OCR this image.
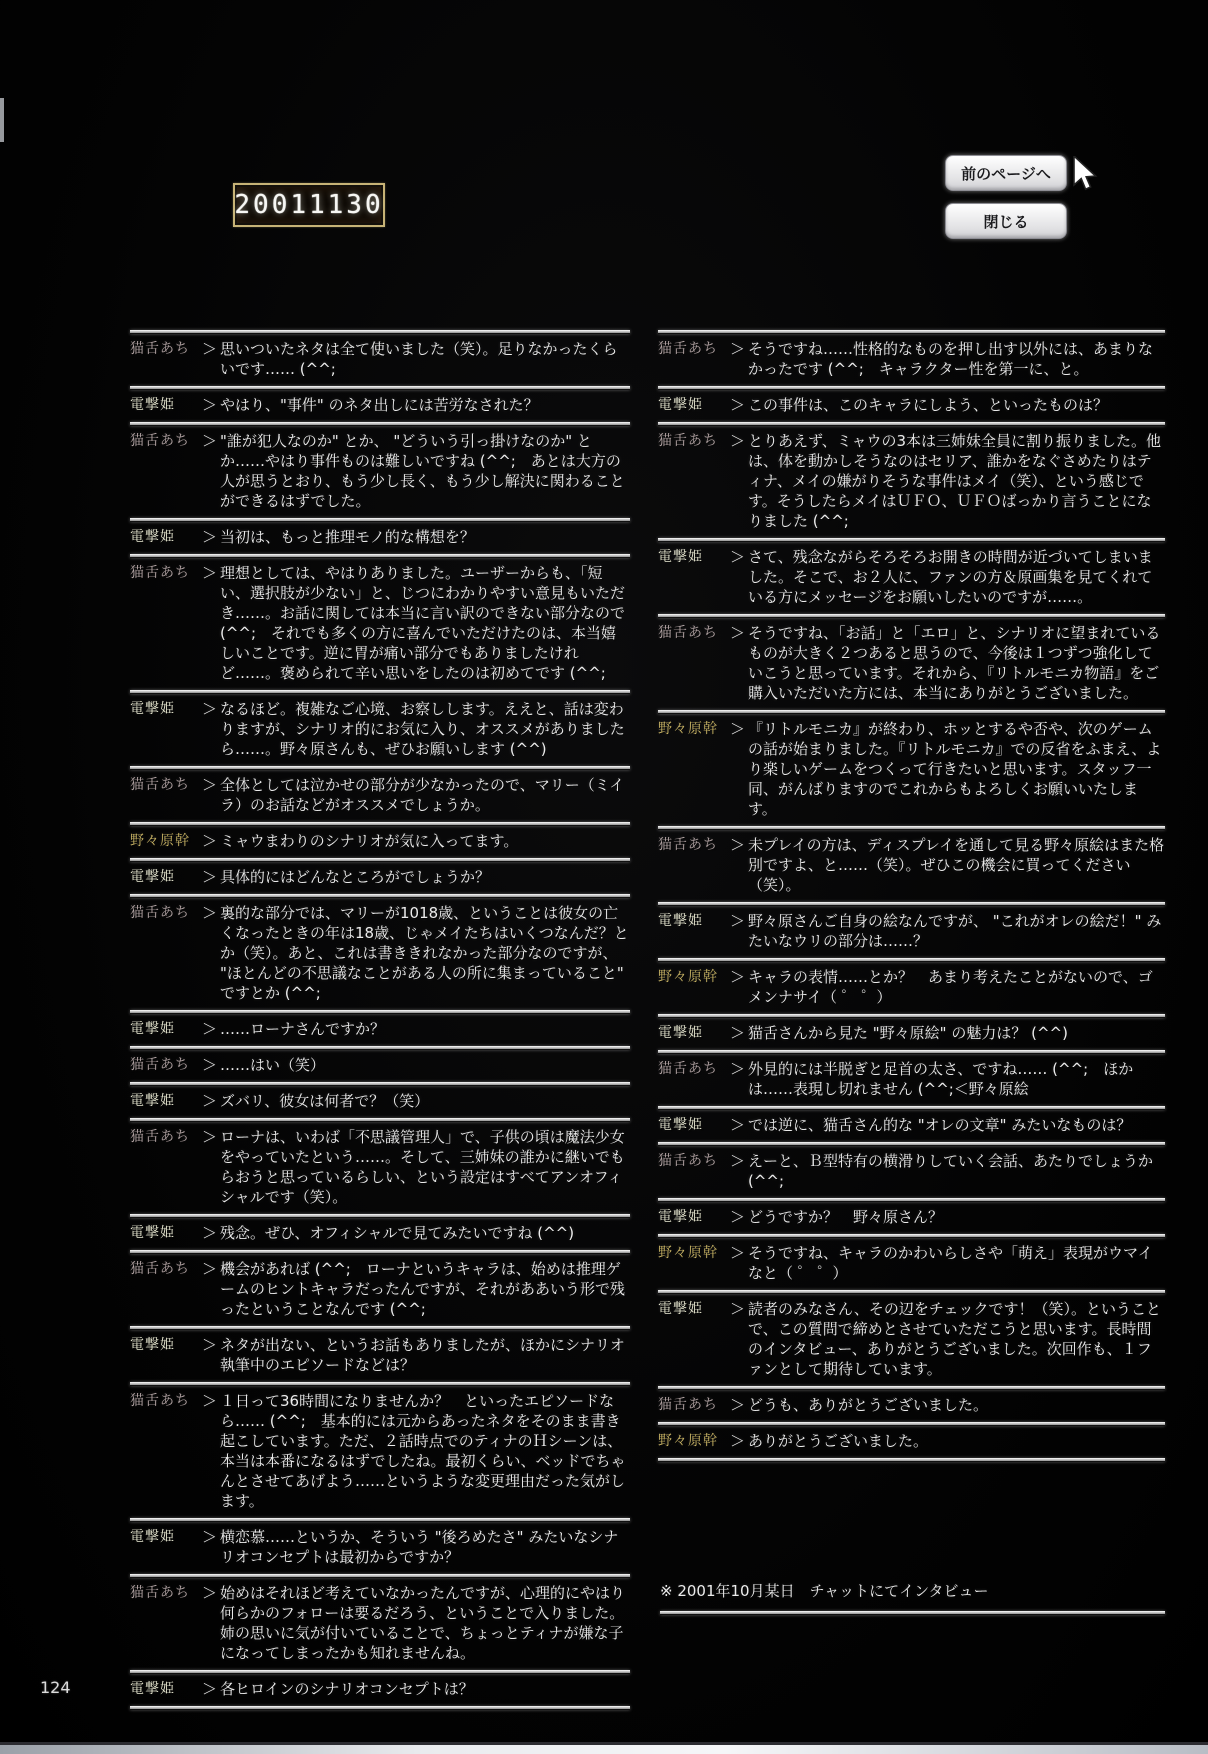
20011130
前のページへ
閉じる
猫舌あち ＞ 思いついたネタは全て使いました（笑）。足りなかったくらいです…… (^^;
電撃姫	＞ やはり、"事件" のネタ出しには苦労なされた？
猫舌あち ＞ "誰が犯人なのか" とか、 "どういう引っ掛けなのか" とか……やはり事件ものは難しいですね (^^;　あとは大方の人が思うとおり、もう少し長く、もう少し解決に関わることができるはずでした。
電撃姫	＞ 当初は、もっと推理モノ的な構想を？
猫舌あち ＞ 理想としては、やはりありました。ユーザーからも、「短い、選択肢が少ない」と、じつにわかりやすい意見もいただき……。お話に関しては本当に言い訳のできない部分なので (^^;　それでも多くの方に喜んでいただけたのは、本当嬉しいことです。逆に胃が痛い部分でもありましたけれど……。褒められて辛い思いをしたのは初めてです (^^;
電撃姫	＞ なるほど。複雑なご心境、お察しします。ええと、話は変わりますが、シナリオ的にお気に入り、オススメがありましたら……。野々原さんも、ぜひお願いします (^^)
猫舌あち ＞ 全体としては泣かせの部分が少なかったので、マリー（ミイラ）のお話などがオススメでしょうか。
野々原幹 ＞ ミャウまわりのシナリオが気に入ってます。
電撃姫	＞ 具体的にはどんなところがでしょうか？
猫舌あち ＞ 裏的な部分では、マリーが1018歳、ということは彼女の亡くなったときの年は18歳、じゃメイたちはいくつなんだ？とか（笑）。あと、これは書ききれなかった部分なのですが、 "ほとんどの不思議なことがある人の所に集まっていること" ですとか (^^;
電撃姫	＞ ……ローナさんですか？
猫舌あち ＞ ……はい（笑）
電撃姫	＞ ズバリ、彼女は何者で？（笑）
猫舌あち ＞ ローナは、いわば「不思議管理人」で、子供の頃は魔法少女をやっていたという……。そして、三姉妹の誰かに継いでもらおうと思っているらしい、という設定はすべてアンオフィシャルです（笑）。
電撃姫	＞ 残念。ぜひ、オフィシャルで見てみたいですね (^^)
猫舌あち ＞ 機会があれば (^^;　ローナというキャラは、始めは推理ゲームのヒントキャラだったんですが、それがああいう形で残ったということなんです (^^;
電撃姫	＞ ネタが出ない、というお話もありましたが、ほかにシナリオ執筆中のエピソードなどは？
猫舌あち ＞ １日って36時間になりませんか？　といったエピソードなら…… (^^;　基本的には元からあったネタをそのまま書き起こしています。ただ、２話時点でのティナのＨシーンは、本当は本番になるはずでしたね。最初くらい、ベッドでちゃんとさせてあげよう……というような変更理由だった気がします。
電撃姫	＞ 横恋慕……というか、そういう "後ろめたさ" みたいなシナリオコンセプトは最初からですか？
猫舌あち ＞ 始めはそれほど考えていなかったんですが、心理的にやはり何らかのフォローは要るだろう、ということで入りました。姉の思いに気が付いていることで、ちょっとティナが嫌な子になってしまったかも知れませんね。
電撃姫	＞ 各ヒロインのシナリオコンセプトは？
猫舌あち ＞ そうですね……性格的なものを押し出す以外には、あまりなかったです (^^;　キャラクター性を第一に、と。
電撃姫	＞ この事件は、このキャラにしよう、といったものは？
猫舌あち ＞ とりあえず、ミャウの3本は三姉妹全員に割り振りました。他は、体を動かしそうなのはセリア、誰かをなぐさめたりはティナ、メイの嫌がりそうな事件はメイ（笑）、という感じです。そうしたらメイはＵＦＯ、ＵＦＯばっかり言うことになりました (^^;
電撃姫	＞ さて、残念ながらそろそろお開きの時間が近づいてしまいました。そこで、お２人に、ファンの方＆原画集を見てくれている方にメッセージをお願いしたいのですが……。
猫舌あち ＞ そうですね、「お話」と「エロ」と、シナリオに望まれているものが大きく２つあると思うので、今後は１つずつ強化していこうと思っています。それから、『リトルモニカ物語』をご購入いただいた方には、本当にありがとうございました。
野々原幹 ＞ 『リトルモニカ』が終わり、ホッとするや否や、次のゲームの話が始まりました。『リトルモニカ』での反省をふまえ、より楽しいゲームをつくって行きたいと思います。スタッフ一同、がんばりますのでこれからもよろしくお願いいたします。
猫舌あち ＞ 未プレイの方は、ディスプレイを通して見る野々原絵はまた格別ですよ、と……（笑）。ぜひこの機会に買ってください（笑）。
電撃姫	＞ 野々原さんご自身の絵なんですが、 "これがオレの絵だ！" みたいなウリの部分は……？
野々原幹 ＞ キャラの表情……とか？　あまり考えたことがないので、ゴメンナサイ（ ゜ ゜）
電撃姫	＞ 猫舌さんから見た "野々原絵" の魅力は？ (^^)
猫舌あち ＞ 外見的には半脱ぎと足首の太さ、ですね…… (^^;　ほかは……表現し切れません (^^;＜野々原絵
電撃姫	＞ では逆に、猫舌さん的な "オレの文章" みたいなものは？
猫舌あち ＞ えーと、Ｂ型特有の横滑りしていく会話、あたりでしょうか (^^;
電撃姫	＞ どうですか？　野々原さん？
野々原幹 ＞ そうですね、キャラのかわいらしさや「萌え」表現がウマイなと（ ゜ ゜）
電撃姫	＞ 読者のみなさん、その辺をチェックです！（笑）。ということで、この質問で締めとさせていただこうと思います。長時間のインタビュー、ありがとうございました。次回作も、１ファンとして期待しています。
猫舌あち ＞ どうも、ありがとうございました。
野々原幹 ＞ ありがとうございました。
※ 2001年10月某日　チャットにてインタビュー
124
